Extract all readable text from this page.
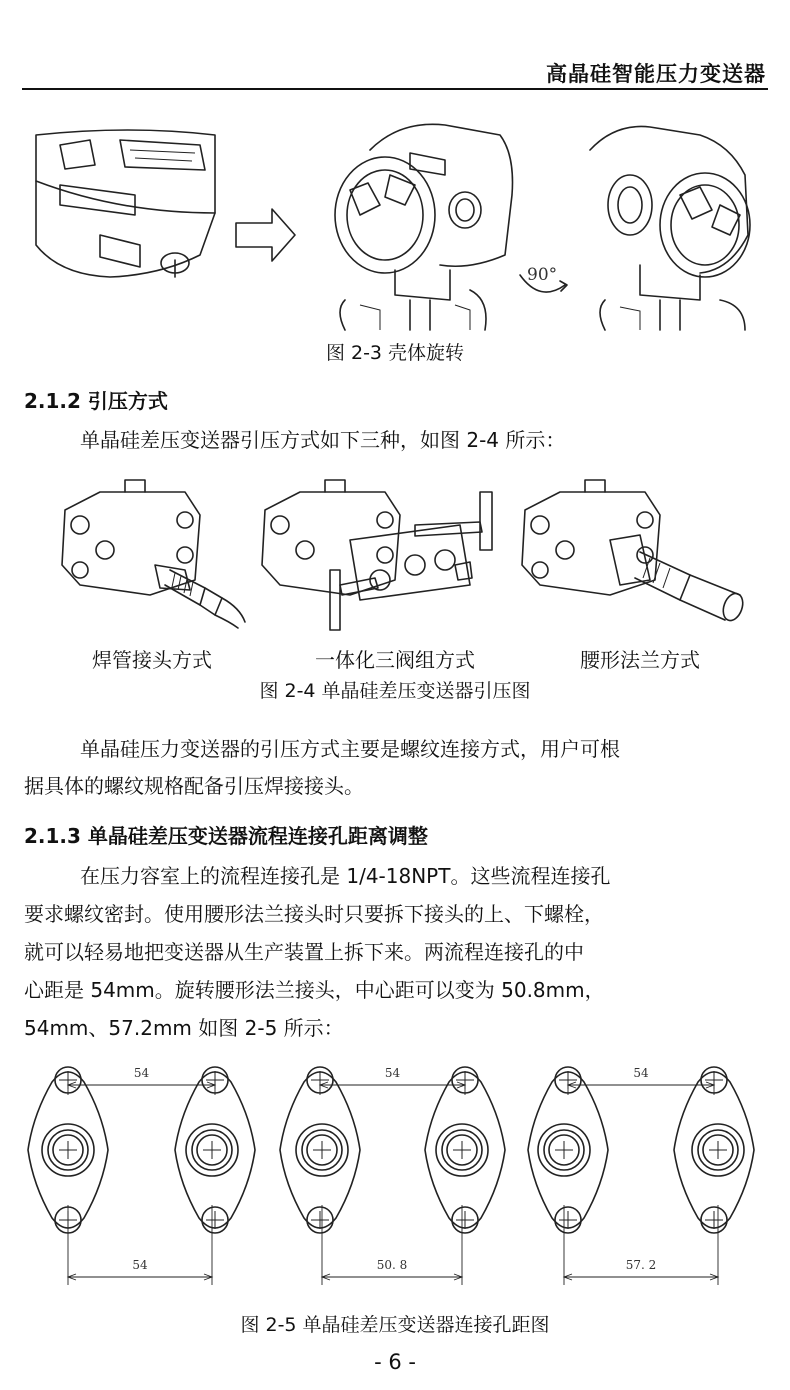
高晶硅智能压力变送器
90°
图 2-3 壳体旋转
2.1.2 引压方式
单晶硅差压变送器引压方式如下三种，如图 2-4 所示：
焊管接头方式	一体化三阀组方式	腰形法兰方式
图 2-4 单晶硅差压变送器引压图
单晶硅压力变送器的引压方式主要是螺纹连接方式，用户可根
据具体的螺纹规格配备引压焊接接头。
2.1.3 单晶硅差压变送器流程连接孔距离调整
在压力容室上的流程连接孔是 1/4-18NPT。这些流程连接孔
要求螺纹密封。使用腰形法兰接头时只要拆下接头的上、下螺栓，
就可以轻易地把变送器从生产装置上拆下来。两流程连接孔的中
心距是 54mm。旋转腰形法兰接头，中心距可以变为 50.8mm，
54mm、57.2mm 如图 2-5 所示：
54
54
54
50. 8
54
57. 2
图 2-5 单晶硅差压变送器连接孔距图
- 6 -
